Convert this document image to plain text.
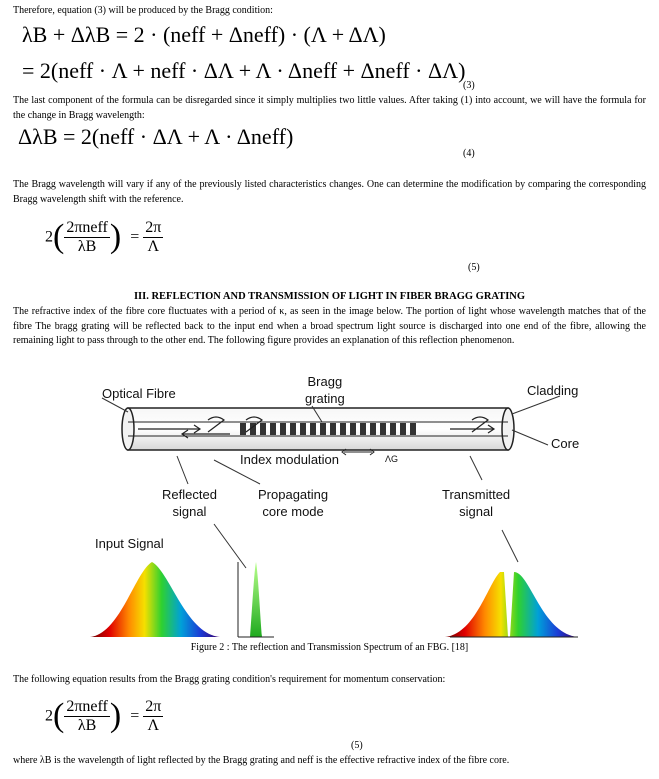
Therefore, equation (3) will be produced by the Bragg condition:
λB + ΔλB = 2 · (neff + Δneff) · (Λ + ΔΛ)
= 2(neff · Λ + neff · ΔΛ + Λ · Δneff + Δneff · ΔΛ)
(3)
The last component of the formula can be disregarded since it simply multiplies two little values. After taking (1) into account, we will have the formula for the change in Bragg wavelength:
ΔλB = 2(neff · ΔΛ + Λ · Δneff)
(4)
The Bragg wavelength will vary if any of the previously listed characteristics changes. One can determine the modification by comparing the corresponding Bragg wavelength shift with the reference.
$2( \frac{\text{2πneff}}{\lambda B}$ )  = $\frac{2\pi}{\Lambda}$
(5)
III. REFLECTION AND TRANSMISSION OF LIGHT IN FIBER BRAGG GRATING
The refractive index of the fibre core fluctuates with a period of κ, as seen in the image below. The portion of light whose wavelength matches that of the fibre The bragg grating will be reflected back to the input end when a broad spectrum light source is discharged into one end of the fibre, allowing the remaining light to pass through to the other end. The following figure provides an explanation of this reflection phenomenon.
Optical Fibre
Bragg
grating
Cladding
Core
Index modulation	ΛG
Reflected
signal
Propagating
core mode
Transmitted
signal
Input Signal
Figure 2 : The reflection and Transmission Spectrum of an FBG. [18]
The following equation results from the Bragg grating condition's requirement for momentum conservation:
$2( \frac{\text{2πneff}}{\lambda B}$ )  = $\frac{2\pi}{\Lambda}$
(5)
where λB is the wavelength of light reflected by the Bragg grating and neff is the effective refractive index of the fibre core.
